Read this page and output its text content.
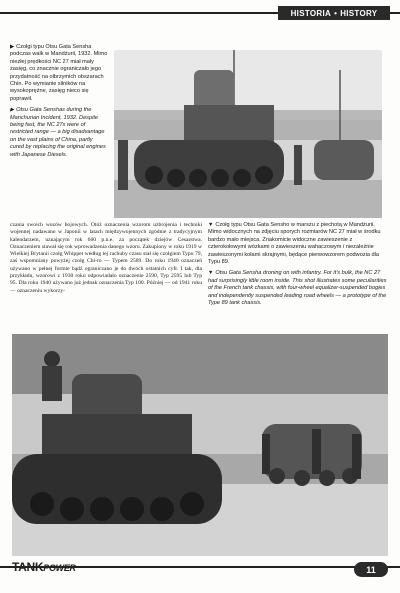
HISTORIA • HISTORY

▶ Czołgi typu Otsu Gata Sensha podczas walk w Mandżurii, 1932. Mimo niezłej prędkości NC 27 miał mały zasięg, co znacznie ograniczało jego przydatność na olbrzymich obszarach Chin. Po wymianie silników na wysokoprężne, zasięg nieco się poprawił.

▶ Otsu Gata Senshas during the Manchurian Incident, 1932. Despite being fast, the NC 27s were of restricted range — a big disadvantage on the vast plains of China, partly cured by replacing the original engines with Japanese Diesels.

czania swoich wozów bojowych. Otóż oznaczenia wzorom uzbrojenia i techniki wojennej nadawano w Japonii w latach międzywojennych zgodnie z tradycyjnym kalendarzem, uznającym rok 660 p.n.e. za początek dziejów Cesarstwa. Oznaczeniem stawał się rok wprowadzenia danego wzoru. Zakupiony w roku 1919 w Wielkiej Brytanii czołg Whippet według tej rachuby czasu stał się czołgiem Typu 79, zaś wspomniany powyżej czołg Chi-ro — Typem 2589. Do roku 1940 oznaczeń używano w pełnej formie bądź ograniczano je do dwóch ostatnich cyfr. I tak, dla przykładu, wzorowi z 1930 roku odpowiadało oznaczenie 2590, Typ 2595 lub Typ 95. Dla roku 1940 używano już jednak oznaczenia Typ 100. Później — od 1941 roku — oznaczeniu wykorzy-

▼ Czołg typu Otsu Gata Sensho w marszu z piechotą w Mandżurii. Mimo widocznych na zdjęciu sporych rozmiarów NC 27 miał w środku bardzo mało miejsca. Znakomicie widoczne zawieszenie z czterokołowymi wózkami o zawieszeniu wahaczowym i niezależnie zawieszonymi kołami skrajnymi, będące pierwowzorem podwozia dla Typu 89.

▼ Otsu Gata Sensha droning on with infantry. For it's bulk, the NC 27 had surprisingly little room inside. This shot illustrates some peculiarities of the French tank chassis, with four-wheel equalizer-suspended bogies and independently suspended leading road wheels — a prototype of the Type 89 tank chassis.

TANKPOWER	11
